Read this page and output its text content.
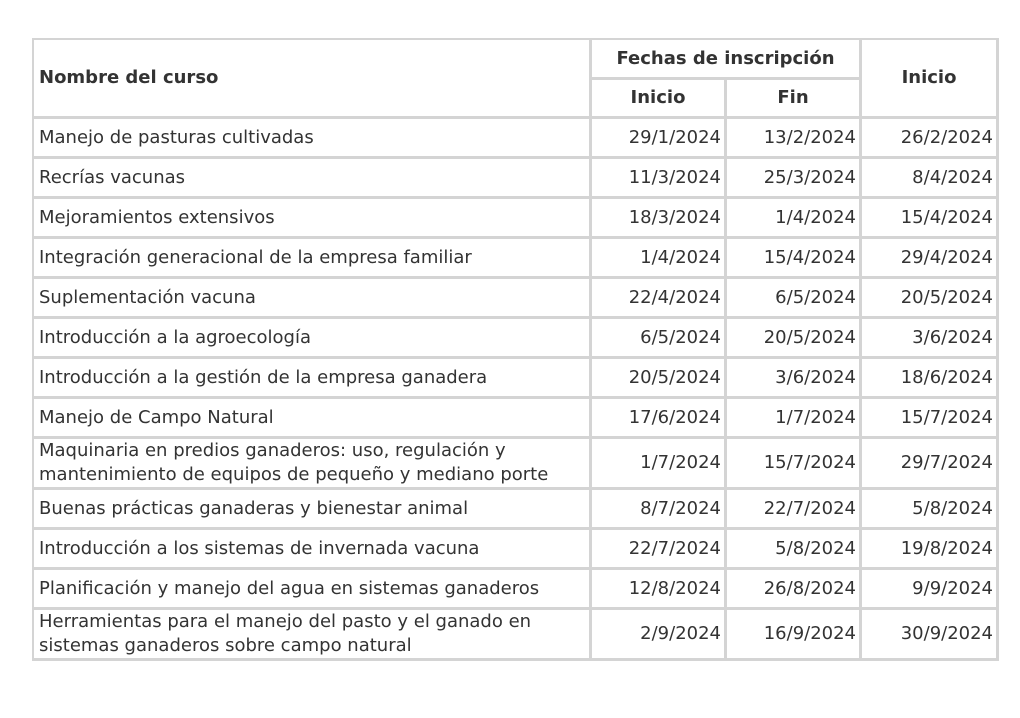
Nombre del curso	Fechas de inscripción		Inicio
	Inicio	Fin	
Manejo de pasturas cultivadas	29/1/2024	13/2/2024	26/2/2024
Recrías vacunas	11/3/2024	25/3/2024	8/4/2024
Mejoramientos extensivos	18/3/2024	1/4/2024	15/4/2024
Integración generacional de la empresa familiar	1/4/2024	15/4/2024	29/4/2024
Suplementación vacuna	22/4/2024	6/5/2024	20/5/2024
Introducción a la agroecología	6/5/2024	20/5/2024	3/6/2024
Introducción a la gestión de la empresa ganadera	20/5/2024	3/6/2024	18/6/2024
Manejo de Campo Natural	17/6/2024	1/7/2024	15/7/2024
Maquinaria en predios ganaderos: uso, regulación y mantenimiento de equipos de pequeño y mediano porte	1/7/2024	15/7/2024	29/7/2024
Buenas prácticas ganaderas y bienestar animal	8/7/2024	22/7/2024	5/8/2024
Introducción a los sistemas de invernada vacuna	22/7/2024	5/8/2024	19/8/2024
Planificación y manejo del agua en sistemas ganaderos	12/8/2024	26/8/2024	9/9/2024
Herramientas para el manejo del pasto y el ganado en sistemas ganaderos sobre campo natural	2/9/2024	16/9/2024	30/9/2024
